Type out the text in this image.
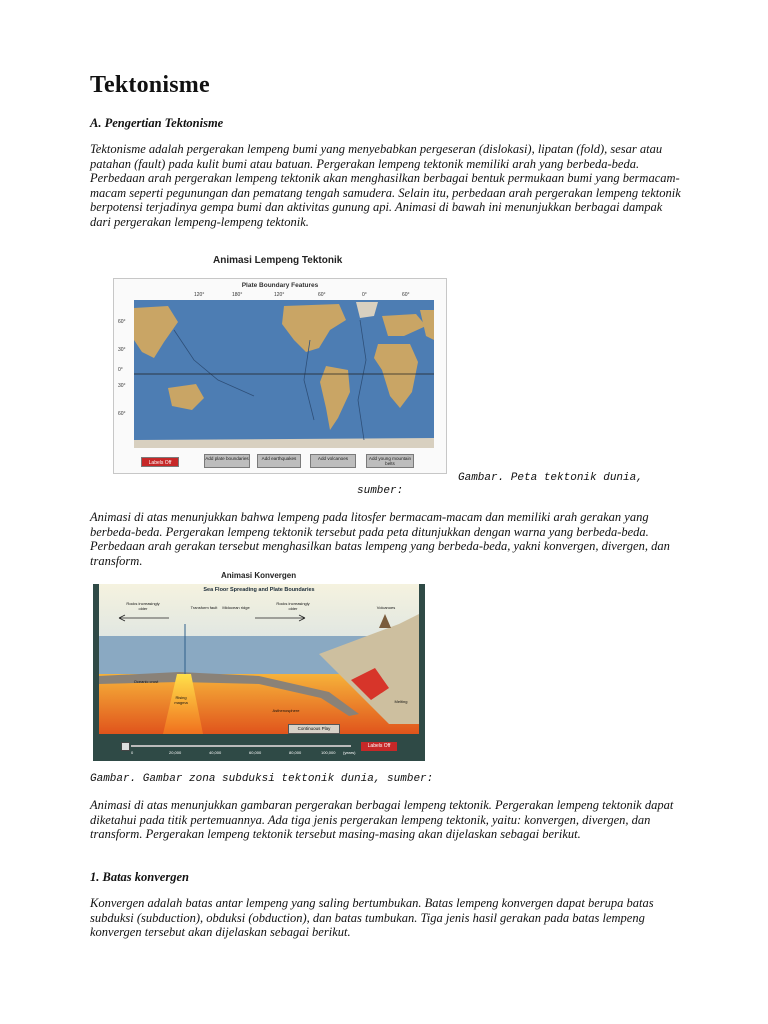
Tektonisme

A. Pengertian Tektonisme

Tektonisme adalah pergerakan lempeng bumi yang menyebabkan pergeseran (dislokasi), lipatan (fold), sesar atau patahan (fault) pada kulit bumi atau batuan. Pergerakan lempeng tektonik memiliki arah yang berbeda-beda. Perbedaan arah pergerakan lempeng tektonik akan menghasilkan berbagai bentuk permukaan bumi yang bermacam-macam seperti pegunungan dan pematang tengah samudera. Selain itu, perbedaan arah pergerakan lempeng tektonik berpotensi terjadinya gempa bumi dan aktivitas gunung api. Animasi di bawah ini menunjukkan berbagai dampak dari pergerakan lempeng-lempeng tektonik.

Animasi Lempeng Tektonik
Plate Boundary Features
120°	180°	120°	60°	0°	60°
60°
30°
0°
30°
60°
Labels Off
Add plate boundaries	Add earthquakes	Add volcanoes	Add young mountain belts

Gambar. Peta tektonik dunia,

sumber:

Animasi di atas menunjukkan bahwa lempeng pada litosfer bermacam-macam dan memiliki arah gerakan yang berbeda-beda. Pergerakan lempeng tektonik tersebut pada peta ditunjukkan dengan warna yang berbeda-beda. Perbedaan arah gerakan tersebut menghasilkan batas lempeng yang berbeda-beda, yakni konvergen, divergen, dan transform.

Animasi Konvergen
Sea Floor Spreading and Plate Boundaries
Rocks increasingly older	Transform fault	Midocean ridge
Rocks increasingly older	Volcanoes
Oceanic crust
Rising magma
Asthenosphere
Melting
Continuous Play
0	20,000	40,000	60,000	80,000	100,000 (years)
Labels Off

Gambar. Gambar zona subduksi tektonik dunia, sumber:

Animasi di atas menunjukkan gambaran pergerakan berbagai lempeng tektonik. Pergerakan lempeng tektonik dapat diketahui pada titik pertemuannya. Ada tiga jenis pergerakan lempeng tektonik, yaitu: konvergen, divergen, dan transform. Pergerakan lempeng tektonik tersebut masing-masing akan dijelaskan sebagai berikut.

1. Batas konvergen

Konvergen adalah batas antar lempeng yang saling bertumbukan. Batas lempeng konvergen dapat berupa batas subduksi (subduction), obduksi (obduction), dan batas tumbukan. Tiga jenis hasil gerakan pada batas lempeng konvergen tersebut akan dijelaskan sebagai berikut.
